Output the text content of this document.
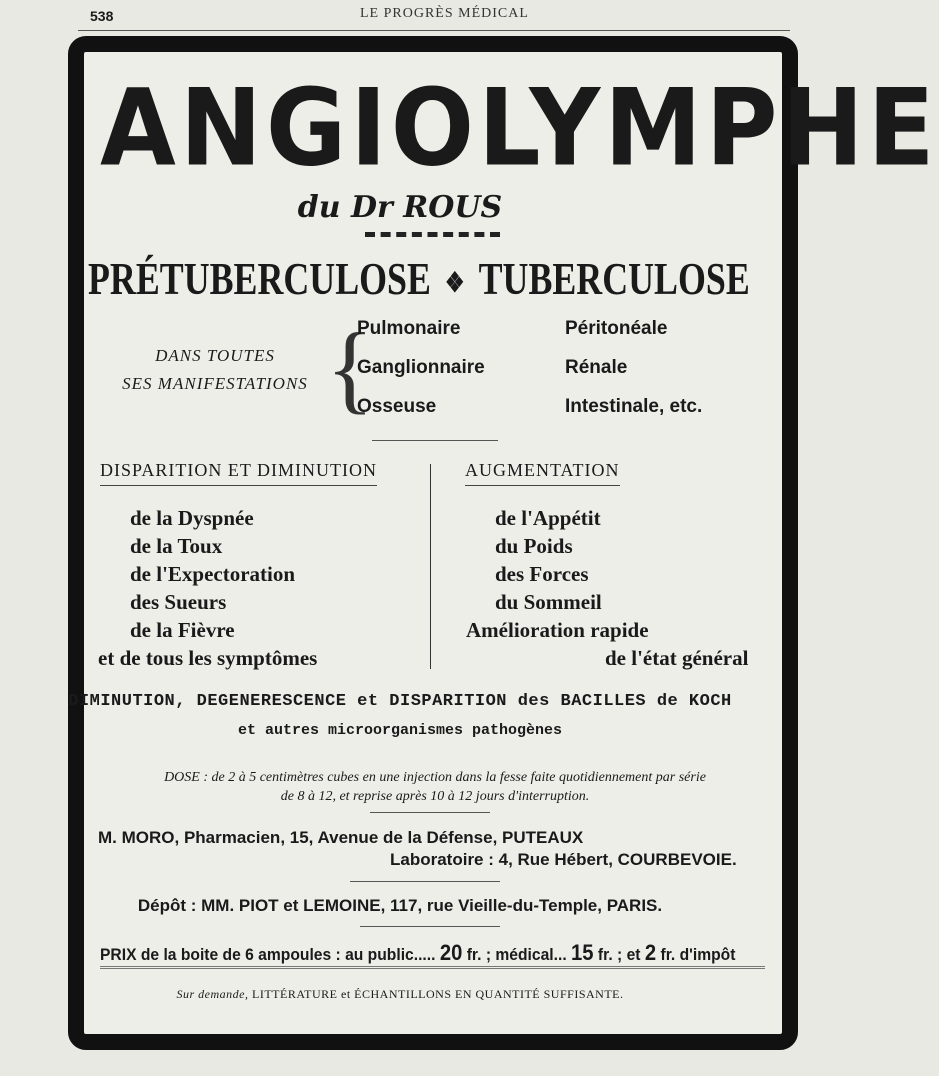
538	LE PROGRÈS MÉDICAL
ANGIOLYMPHE
du Dr ROUS
PRÉTUBERCULOSE ❖ TUBERCULOSE
DANS TOUTES
SES MANIFESTATIONS {
Pulmonaire
Ganglionnaire
Osseuse
Péritonéale
Rénale
Intestinale, etc.
DISPARITION ET DIMINUTION	AUGMENTATION
de la Dyspnée
de la Toux
de l'Expectoration
des Sueurs
de la Fièvre
et de tous les symptômes
de l'Appétit
du Poids
des Forces
du Sommeil
Amélioration rapide
de l'état général
DIMINUTION, DEGENERESCENCE et DISPARITION des BACILLES de KOCH
et autres microorganismes pathogènes
DOSE : de 2 à 5 centimètres cubes en une injection dans la fesse faite quotidiennement par série
de 8 à 12, et reprise après 10 à 12 jours d'interruption.
M. MORO, Pharmacien, 15, Avenue de la Défense, PUTEAUX
Laboratoire : 4, Rue Hébert, COURBEVOIE.
Dépôt : MM. PIOT et LEMOINE, 117, rue Vieille-du-Temple, PARIS.
PRIX de la boite de 6 ampoules : au public..... 20 fr. ; médical... 15 fr. ; et 2 fr. d'impôt
Sur demande, LITTÉRATURE et ÉCHANTILLONS EN QUANTITÉ SUFFISANTE.
